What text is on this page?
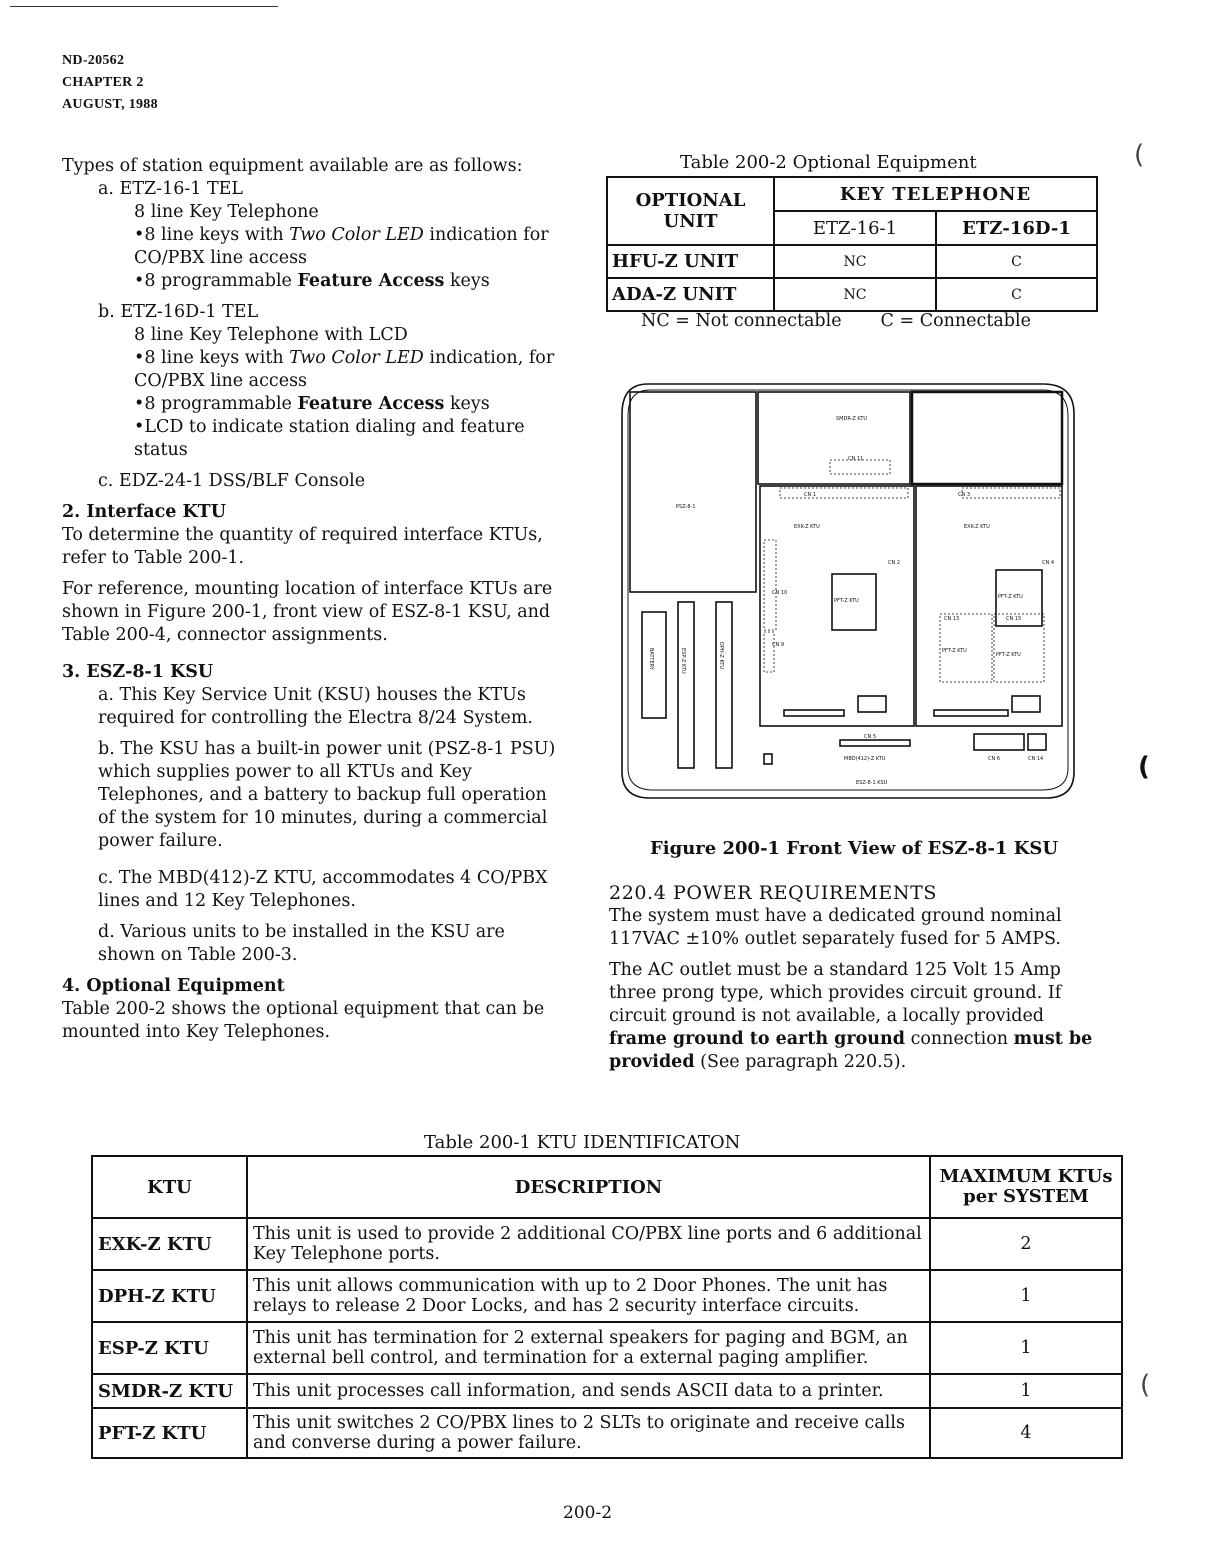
ND-20562
CHAPTER 2
AUGUST, 1988

Types of station equipment available are as follows:

a. ETZ-16-1 TEL

8 line Key Telephone

•8 line keys with Two Color LED indication for

CO/PBX line access

•8 programmable Feature Access keys

b. ETZ-16D-1 TEL

8 line Key Telephone with LCD

•8 line keys with Two Color LED indication, for

CO/PBX line access

•8 programmable Feature Access keys

•LCD to indicate station dialing and feature

status

c. EDZ-24-1 DSS/BLF Console

2. Interface KTU

To determine the quantity of required interface KTUs, refer to Table 200-1.

For reference, mounting location of interface KTUs are shown in Figure 200-1, front view of ESZ-8-1 KSU, and Table 200-4, connector assignments.

3. ESZ-8-1 KSU

a. This Key Service Unit (KSU) houses the KTUs required for controlling the Electra 8/24 System.

b. The KSU has a built-in power unit (PSZ-8-1 PSU) which supplies power to all KTUs and Key Telephones, and a battery to backup full operation of the system for 10 minutes, during a commercial power failure.

c. The MBD(412)-Z KTU, accommodates 4 CO/PBX lines and 12 Key Telephones.

d. Various units to be installed in the KSU are shown on Table 200-3.

4. Optional Equipment

Table 200-2 shows the optional equipment that can be mounted into Key Telephones.

Table 200-2 Optional Equipment
OPTIONAL UNIT	KEY TELEPHONE	
	ETZ-16-1	ETZ-16D-1
HFU-Z UNIT	NC	C
ADA-Z UNIT	NC	C
NC = Not connectable       C = Connectable
SMDR-Z KTU
CN 11
PSZ-8-1
CN 1	CN 3
EXK-Z KTU	EXK-Z KTU
CN 2	CN 4
CN 10
CN 9
PFT-Z KTU
PFT-Z KTU
PFT-Z KTU
PFT-Z KTU
CN 13	CN 15
CN 5
MBD(412)-Z KTU	CN 6	CN 14
ESZ-8-1 KSU
BATTERY	ESP-Z KTU	DPH-Z KTU
Figure 200-1 Front View of ESZ-8-1 KSU

220.4 POWER REQUIREMENTS

The system must have a dedicated ground nominal 117VAC ±10% outlet separately fused for 5 AMPS.

The AC outlet must be a standard 125 Volt 15 Amp three prong type, which provides circuit ground. If circuit ground is not available, a locally provided frame ground to earth ground connection must be provided (See paragraph 220.5).

Table 200-1 KTU IDENTIFICATON
KTU	DESCRIPTION	MAXIMUM KTUs per SYSTEM
EXK-Z KTU	This unit is used to provide 2 additional CO/PBX line ports and 6 additional Key Telephone ports.	2
DPH-Z KTU	This unit allows communication with up to 2 Door Phones. The unit has relays to release 2 Door Locks, and has 2 security interface circuits.	1
ESP-Z KTU	This unit has termination for 2 external speakers for paging and BGM, an external bell control, and termination for a external paging amplifier.	1
SMDR-Z KTU	This unit processes call information, and sends ASCII data to a printer.	1
PFT-Z KTU	This unit switches 2 CO/PBX lines to 2 SLTs to originate and receive calls and converse during a power failure.	4
(
(
(
200-2
